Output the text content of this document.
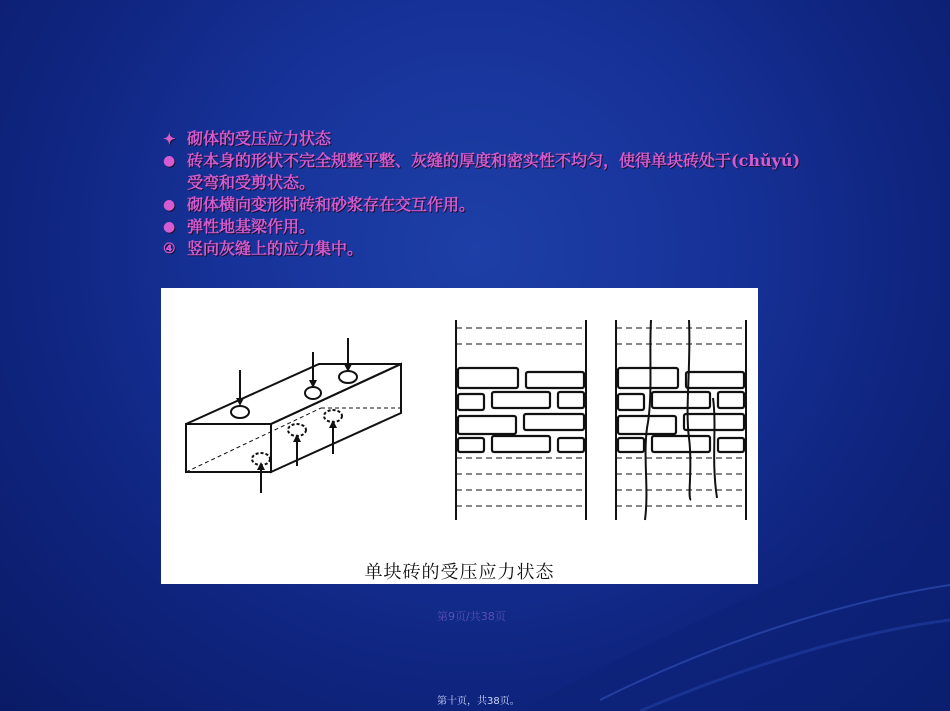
✦ 砌体的受压应力状态
● 砖本身的形状不完全规整平整、灰缝的厚度和密实性不均匀，使得单块砖处于(chǔyú)受弯和受剪状态。
● 砌体横向变形时砖和砂浆存在交互作用。
● 弹性地基梁作用。
④ 竖向灰缝上的应力集中。
单块砖的受压应力状态
第9页/共38页
第十页，共38页。
